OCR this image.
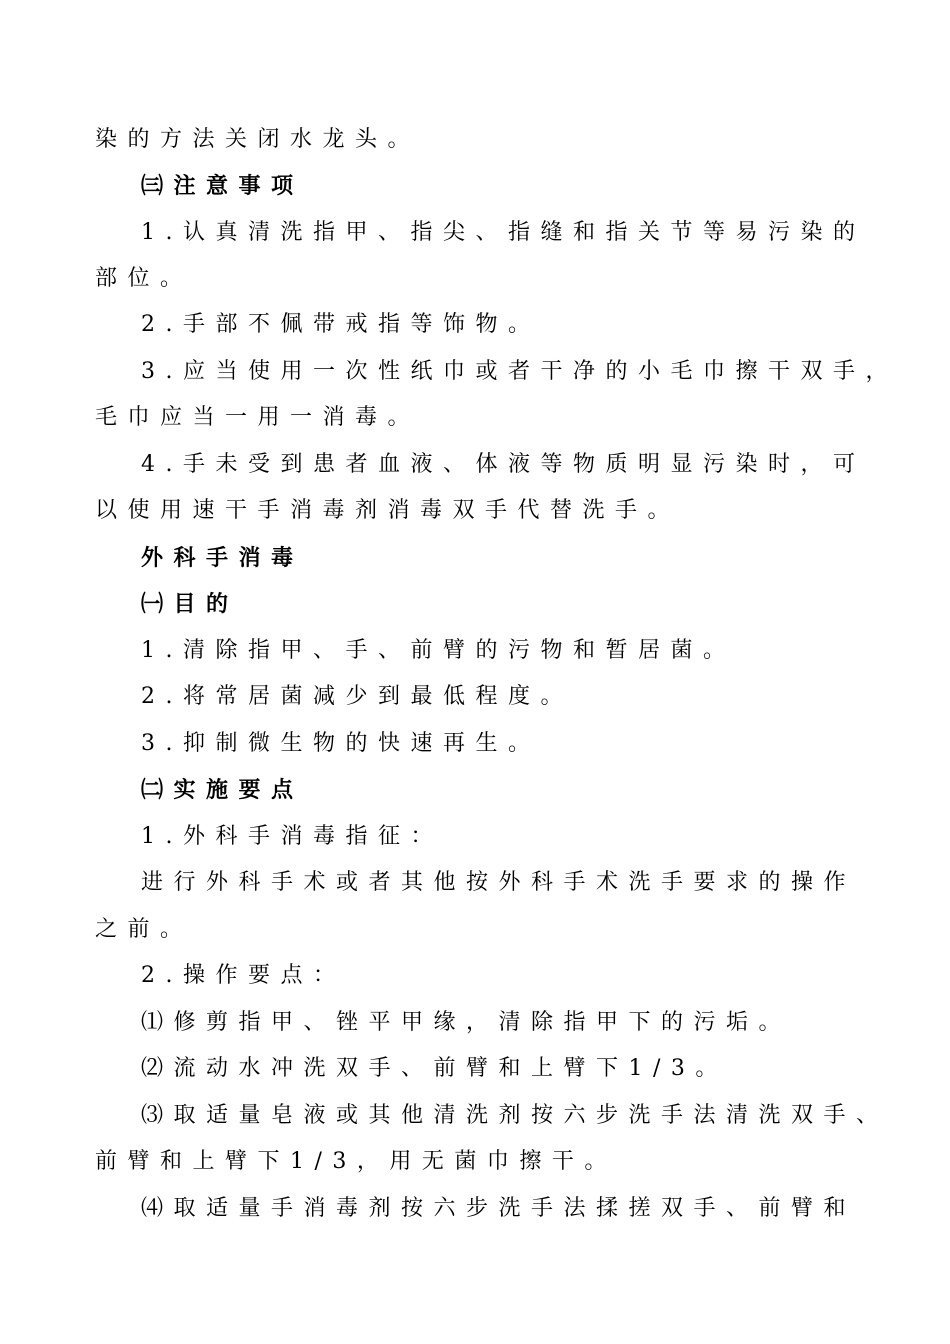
染的方法关闭水龙头。
㈢注意事项
1.认真清洗指甲、指尖、指缝和指关节等易污染的
部位。
2.手部不佩带戒指等饰物。
3.应当使用一次性纸巾或者干净的小毛巾擦干双手，
毛巾应当一用一消毒。
4.手未受到患者血液、体液等物质明显污染时，可
以使用速干手消毒剂消毒双手代替洗手。
外科手消毒
㈠目的
1.清除指甲、手、前臂的污物和暂居菌。
2.将常居菌减少到最低程度。
3.抑制微生物的快速再生。
㈡实施要点
1.外科手消毒指征：
进行外科手术或者其他按外科手术洗手要求的操作
之前。
2.操作要点：
⑴修剪指甲、锉平甲缘，清除指甲下的污垢。
⑵流动水冲洗双手、前臂和上臂下1/3。
⑶取适量皂液或其他清洗剂按六步洗手法清洗双手、
前臂和上臂下1/3，用无菌巾擦干。
⑷取适量手消毒剂按六步洗手法揉搓双手、前臂和
